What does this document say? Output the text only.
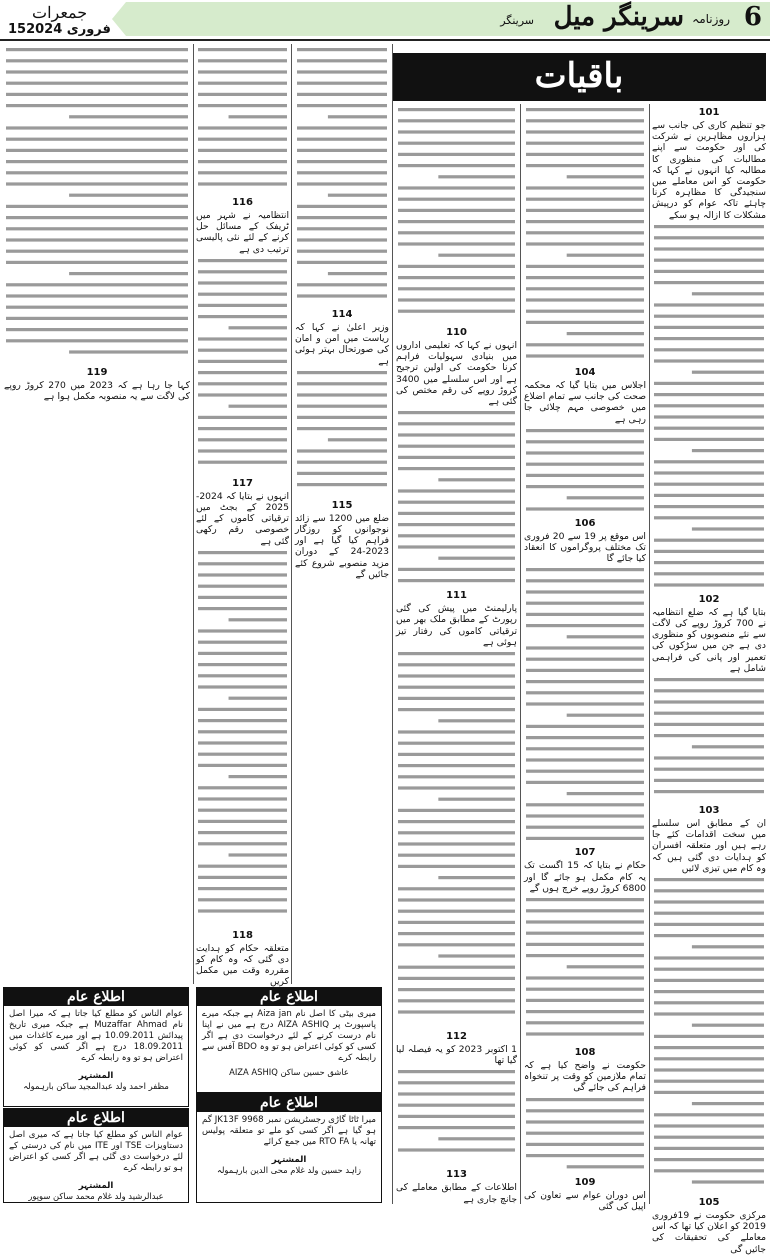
6
روزنامہ
سرینگر میل
سرینگر
جمعرات
15فروری 2024
باقیات
101

جو تنظیم کاری کی جانب سے ہزاروں مظاہرین نے شرکت کی اور حکومت سے اپنے مطالبات کی منظوری کا مطالبہ کیا انہوں نے کہا کہ حکومت کو اس معاملے میں سنجیدگی کا مظاہرہ کرنا چاہئے تاکہ عوام کو درپیش مشکلات کا ازالہ ہو سکے

102

بتایا گیا ہے کہ ضلع انتظامیہ نے 700 کروڑ روپے کی لاگت سے نئے منصوبوں کو منظوری دی ہے جن میں سڑکوں کی تعمیر اور پانی کی فراہمی شامل ہے

103

ان کے مطابق اس سلسلے میں سخت اقدامات کئے جا رہے ہیں اور متعلقہ افسران کو ہدایات دی گئی ہیں کہ وہ کام میں تیزی لائیں

105

مرکزی حکومت نے 19فروری 2019 کو اعلان کیا تھا کہ اس معاملے کی تحقیقات کی جائیں گی

104

اجلاس میں بتایا گیا کہ محکمہ صحت کی جانب سے تمام اضلاع میں خصوصی مہم چلائی جا رہی ہے

106

اس موقع پر 19 سے 20 فروری تک مختلف پروگراموں کا انعقاد کیا جائے گا

107

حکام نے بتایا کہ 15 اگست تک یہ کام مکمل ہو جائے گا اور 6800 کروڑ روپے خرچ ہوں گے

108

حکومت نے واضح کیا ہے کہ تمام ملازمین کو وقت پر تنخواہ فراہم کی جائے گی

109

اس دوران عوام سے تعاون کی اپیل کی گئی

110

انہوں نے کہا کہ تعلیمی اداروں میں بنیادی سہولیات فراہم کرنا حکومت کی اولین ترجیح ہے اور اس سلسلے میں 3400 کروڑ روپے کی رقم مختص کی گئی ہے

111

پارلیمنٹ میں پیش کی گئی رپورٹ کے مطابق ملک بھر میں ترقیاتی کاموں کی رفتار تیز ہوئی ہے

112

1 اکتوبر 2023 کو یہ فیصلہ لیا گیا تھا

113

اطلاعات کے مطابق معاملے کی جانچ جاری ہے

114

وزیر اعلیٰ نے کہا کہ ریاست میں امن و امان کی صورتحال بہتر ہوئی ہے

115

ضلع میں 1200 سے زائد نوجوانوں کو روزگار فراہم کیا گیا ہے اور 2023-24 کے دوران مزید منصوبے شروع کئے جائیں گے

116

انتظامیہ نے شہر میں ٹریفک کے مسائل حل کرنے کے لئے نئی پالیسی ترتیب دی ہے

117

انہوں نے بتایا کہ 2024-2025 کے بجٹ میں ترقیاتی کاموں کے لئے خصوصی رقم رکھی گئی ہے

118

متعلقہ حکام کو ہدایت دی گئی کہ وہ کام کو مقررہ وقت میں مکمل کریں

119

کہا جا رہا ہے کہ 2023 میں 270 کروڑ روپے کی لاگت سے یہ منصوبہ مکمل ہوا ہے

اطلاع عام
میری بیٹی کا اصل نام Aiza jan ہے جبکہ میرے پاسپورٹ پر AIZA ASHIQ درج ہے میں نے اپنا نام درست کرنے کے لئے درخواست دی ہے اگر کسی کو کوئی اعتراض ہو تو وہ BDO آفس سے رابطہ کرے
عاشق حسین ساکن AIZA ASHIQ
اطلاع عام
عوام الناس کو مطلع کیا جاتا ہے کہ میرا اصل نام Muzaffar Ahmad ہے جبکہ میری تاریخ پیدائش 10.09.2011 ہے اور میرے کاغذات میں 18.09.2011 درج ہے اگر کسی کو کوئی اعتراض ہو تو وہ رابطہ کرے
المشتہر
مظفر احمد ولد عبدالمجید ساکن بارہمولہ
اطلاع عام
میرا ٹاٹا گاڑی رجسٹریشن نمبر JK13F 9968 گم ہو گیا ہے اگر کسی کو ملے تو متعلقہ پولیس تھانہ یا RTO FA میں جمع کرائے
المشتہر
زاہد حسین ولد غلام محی الدین بارہمولہ
اطلاع عام
عوام الناس کو مطلع کیا جاتا ہے کہ میری اصل دستاویزات TSE اور ITE میں نام کی درستی کے لئے درخواست دی گئی ہے اگر کسی کو اعتراض ہو تو رابطہ کرے
المشتہر
عبدالرشید ولد غلام محمد ساکن سوپور
